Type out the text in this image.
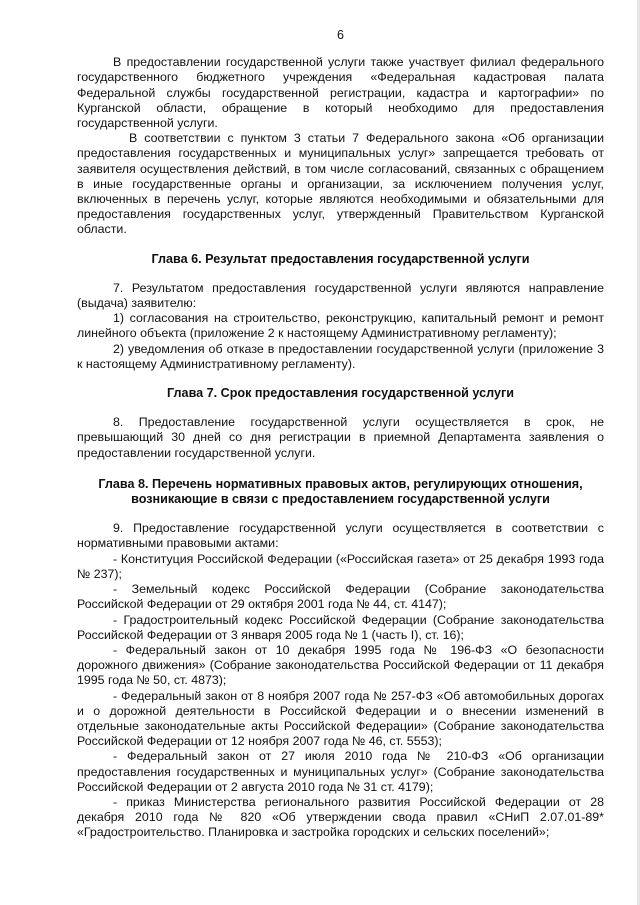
6

В предоставлении государственной услуги также участвует филиал федерального государственного бюджетного учреждения «Федеральная кадастровая палата Федеральной службы государственной регистрации, кадастра и картографии» по Курганской области, обращение в который необходимо для предоставления государственной услуги.

В соответствии с пунктом 3 статьи 7 Федерального закона «Об организации предоставления государственных и муниципальных услуг» запрещается требовать от заявителя осуществления действий, в том числе согласований, связанных с обращением в иные государственные органы и организации, за исключением получения услуг, включенных в перечень услуг, которые являются необходимыми и обязательными для предоставления государственных услуг, утвержденный Правительством Курганской области.

Глава 6. Результат предоставления государственной услуги

7. Результатом предоставления государственной услуги являются направление (выдача) заявителю:

1) согласования на строительство, реконструкцию, капитальный ремонт и ремонт линейного объекта (приложение 2 к настоящему Административному регламенту);

2) уведомления об отказе в предоставлении государственной услуги (приложение 3 к настоящему Административному регламенту).

Глава 7. Срок предоставления государственной услуги

8. Предоставление государственной услуги осуществляется в срок, не превышающий 30 дней со дня регистрации в приемной Департамента заявления о предоставлении государственной услуги.

Глава 8. Перечень нормативных правовых актов, регулирующих отношения,
возникающие в связи с предоставлением государственной услуги

9. Предоставление государственной услуги осуществляется в соответствии с нормативными правовыми актами:

- Конституция Российской Федерации («Российская газета» от 25 декабря 1993 года № 237);

- Земельный кодекс Российской Федерации (Собрание законодательства Российской Федерации от 29 октября 2001 года № 44, ст. 4147);

- Градостроительный кодекс Российской Федерации (Собрание законодательства Российской Федерации от 3 января 2005 года № 1 (часть I), ст. 16);

- Федеральный закон от 10 декабря 1995 года № 196-ФЗ «О безопасности дорожного движения» (Собрание законодательства Российской Федерации от 11 декабря 1995 года № 50, ст. 4873);

- Федеральный закон от 8 ноября 2007 года № 257-ФЗ «Об автомобильных дорогах и о дорожной деятельности в Российской Федерации и о внесении изменений в отдельные законодательные акты Российской Федерации» (Собрание законодательства Российской Федерации от 12 ноября 2007 года № 46, ст. 5553);

- Федеральный закон от 27 июля 2010 года № 210-ФЗ «Об организации предоставления государственных и муниципальных услуг» (Собрание законодательства Российской Федерации от 2 августа 2010 года № 31 ст. 4179);

- приказ Министерства регионального развития Российской Федерации от 28 декабря 2010 года № 820 «Об утверждении свода правил «СНиП 2.07.01-89* «Градостроительство. Планировка и застройка городских и сельских поселений»;
